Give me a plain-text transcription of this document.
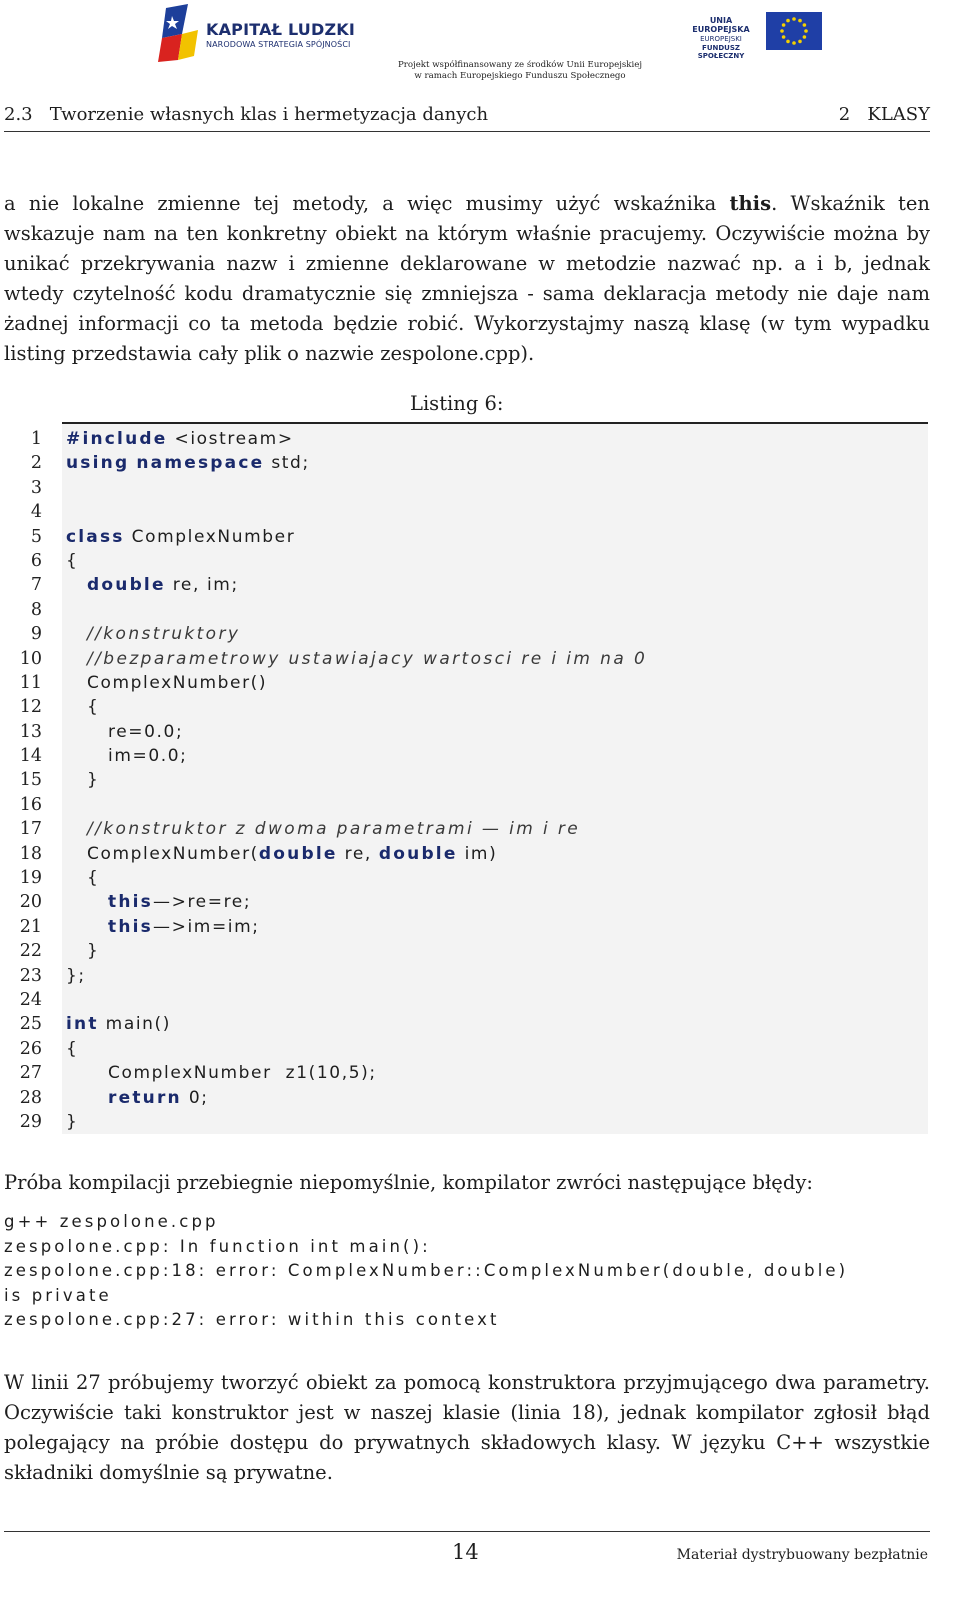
KAPITAŁ LUDZKI
NARODOWA STRATEGIA SPÓJNOŚCI
UNIA EUROPEJSKA
EUROPEJSKI
FUNDUSZ SPOŁECZNY
Projekt współfinansowany ze środków Unii Europejskiej
w ramach Europejskiego Funduszu Społecznego
2.3   Tworzenie własnych klas i hermetyzacja danych	2   KLASY
a nie lokalne zmienne tej metody, a więc musimy użyć wskaźnika this. Wskaźnik ten wskazuje nam na ten konkretny obiekt na którym właśnie pracujemy. Oczywiście można by unikać przekrywania nazw i zmienne deklarowane w metodzie nazwać np. a i b, jednak wtedy czytelność kodu dramatycznie się zmniejsza - sama deklaracja metody nie daje nam żadnej informacji co ta metoda będzie robić. Wykorzystajmy naszą klasę (w tym wypadku listing przedstawia cały plik o nazwie zespolone.cpp).
Listing 6:
1 #include <iostream>
2 using namespace std;
3
4
5 class ComplexNumber
6 {
7	double re, im;
8
9	//konstruktory
10	//bezparametrowy ustawiajacy wartosci re i im na 0
11 ComplexNumber()
12 {
13 re=0.0;
14 im=0.0;
15 }
16
17	//konstruktor z dwoma parametrami — im i re
18 ComplexNumber(double re, double im)
19 {
20	this—>re=re;
21	this—>im=im;
22 }
23 };
24
25 int main()
26 {
27 ComplexNumber  z1(10,5);
28	return 0;
29 }
Próba kompilacji przebiegnie niepomyślnie, kompilator zwróci następujące błędy:
g++ zespolone.cpp
zespolone.cpp: In function int main():
zespolone.cpp:18: error: ComplexNumber::ComplexNumber(double, double)
is private
zespolone.cpp:27: error: within this context
W linii 27 próbujemy tworzyć obiekt za pomocą konstruktora przyjmującego dwa parametry. Oczywiście taki konstruktor jest w naszej klasie (linia 18), jednak kompilator zgłosił błąd polegający na próbie dostępu do prywatnych składowych klasy. W języku C++ wszystkie składniki domyślnie są prywatne.
14	Materiał dystrybuowany bezpłatnie
